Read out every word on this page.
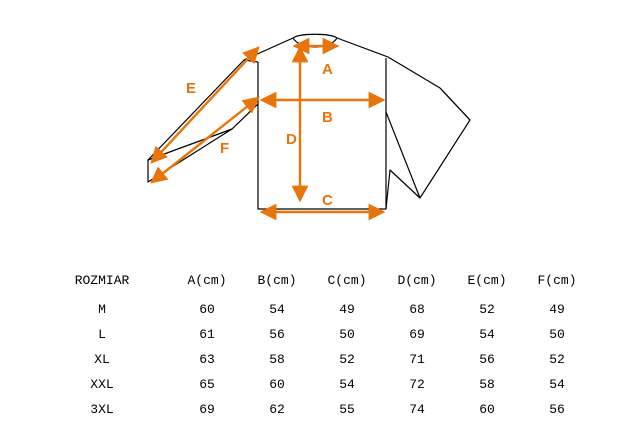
A
B
C
D
E
F
ROZMIAR	A(cm)	B(cm)	C(cm)	D(cm)	E(cm)	F(cm)
M	60	54	49	68	52	49
L	61	56	50	69	54	50
XL	63	58	52	71	56	52
XXL	65	60	54	72	58	54
3XL	69	62	55	74	60	56
